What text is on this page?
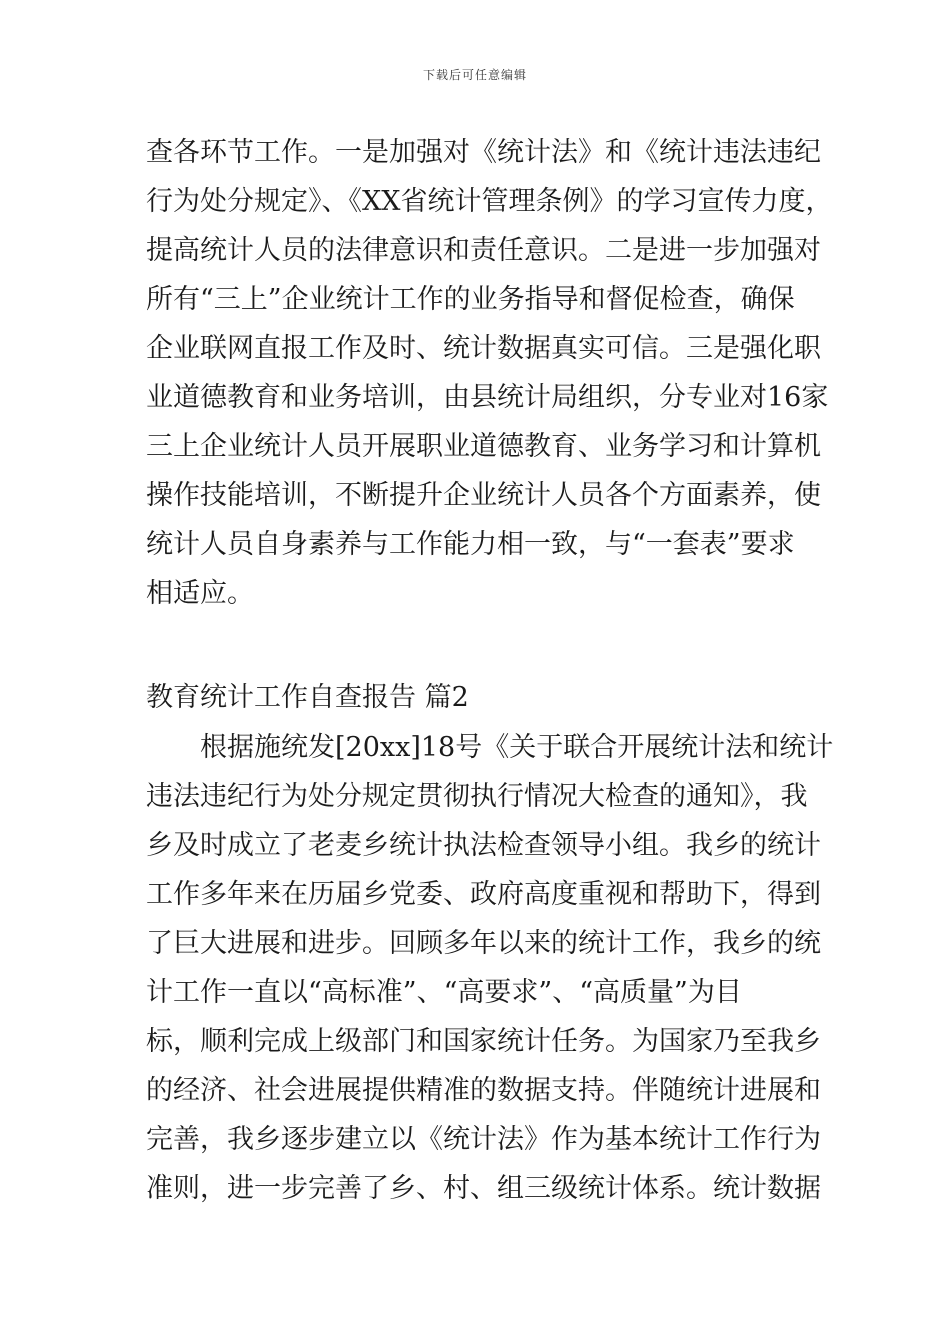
下载后可任意编辑
查各环节工作。一是加强对《统计法》和《统计违法违纪
行为处分规定》、《XX省统计管理条例》的学习宣传力度，
提高统计人员的法律意识和责任意识。二是进一步加强对
所有“三上”企业统计工作的业务指导和督促检查，确保
企业联网直报工作及时、统计数据真实可信。三是强化职
业道德教育和业务培训，由县统计局组织，分专业对16家
三上企业统计人员开展职业道德教育、业务学习和计算机
操作技能培训，不断提升企业统计人员各个方面素养，使
统计人员自身素养与工作能力相一致，与“一套表”要求
相适应。
教育统计工作自查报告 篇2
根据施统发[20xx]18号《关于联合开展统计法和统计
违法违纪行为处分规定贯彻执行情况大检查的通知》，我
乡及时成立了老麦乡统计执法检查领导小组。我乡的统计
工作多年来在历届乡党委、政府高度重视和帮助下，得到
了巨大进展和进步。回顾多年以来的统计工作，我乡的统
计工作一直以“高标准”、“高要求”、“高质量”为目
标，顺利完成上级部门和国家统计任务。为国家乃至我乡
的经济、社会进展提供精准的数据支持。伴随统计进展和
完善，我乡逐步建立以《统计法》作为基本统计工作行为
准则，进一步完善了乡、村、组三级统计体系。统计数据
